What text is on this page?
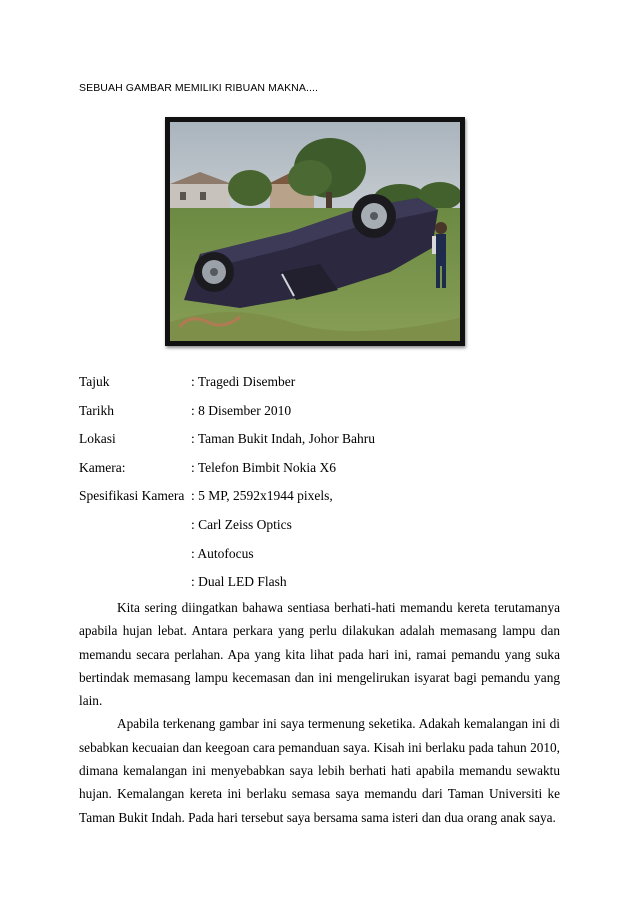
SEBUAH GAMBAR MEMILIKI RIBUAN MAKNA....
Tajuk	: Tragedi Disember
Tarikh	: 8 Disember 2010
Lokasi	: Taman Bukit Indah, Johor Bahru
Kamera:	: Telefon Bimbit Nokia X6
Spesifikasi Kamera : 5 MP, 2592x1944 pixels,
: Carl Zeiss Optics
: Autofocus
: Dual LED Flash

Kita sering diingatkan bahawa sentiasa berhati-hati memandu kereta terutamanya apabila hujan lebat. Antara perkara yang perlu dilakukan adalah memasang lampu dan memandu secara perlahan. Apa yang kita lihat pada hari ini, ramai pemandu yang suka bertindak memasang lampu kecemasan dan ini mengelirukan isyarat bagi pemandu yang lain.

Apabila terkenang gambar ini saya termenung seketika. Adakah kemalangan ini di sebabkan kecuaian dan keegoan cara pemanduan saya. Kisah ini berlaku pada tahun 2010, dimana kemalangan ini menyebabkan saya lebih berhati hati apabila memandu sewaktu hujan. Kemalangan kereta ini berlaku semasa saya memandu dari Taman Universiti ke Taman Bukit Indah. Pada hari tersebut saya bersama sama isteri dan dua orang anak saya.
